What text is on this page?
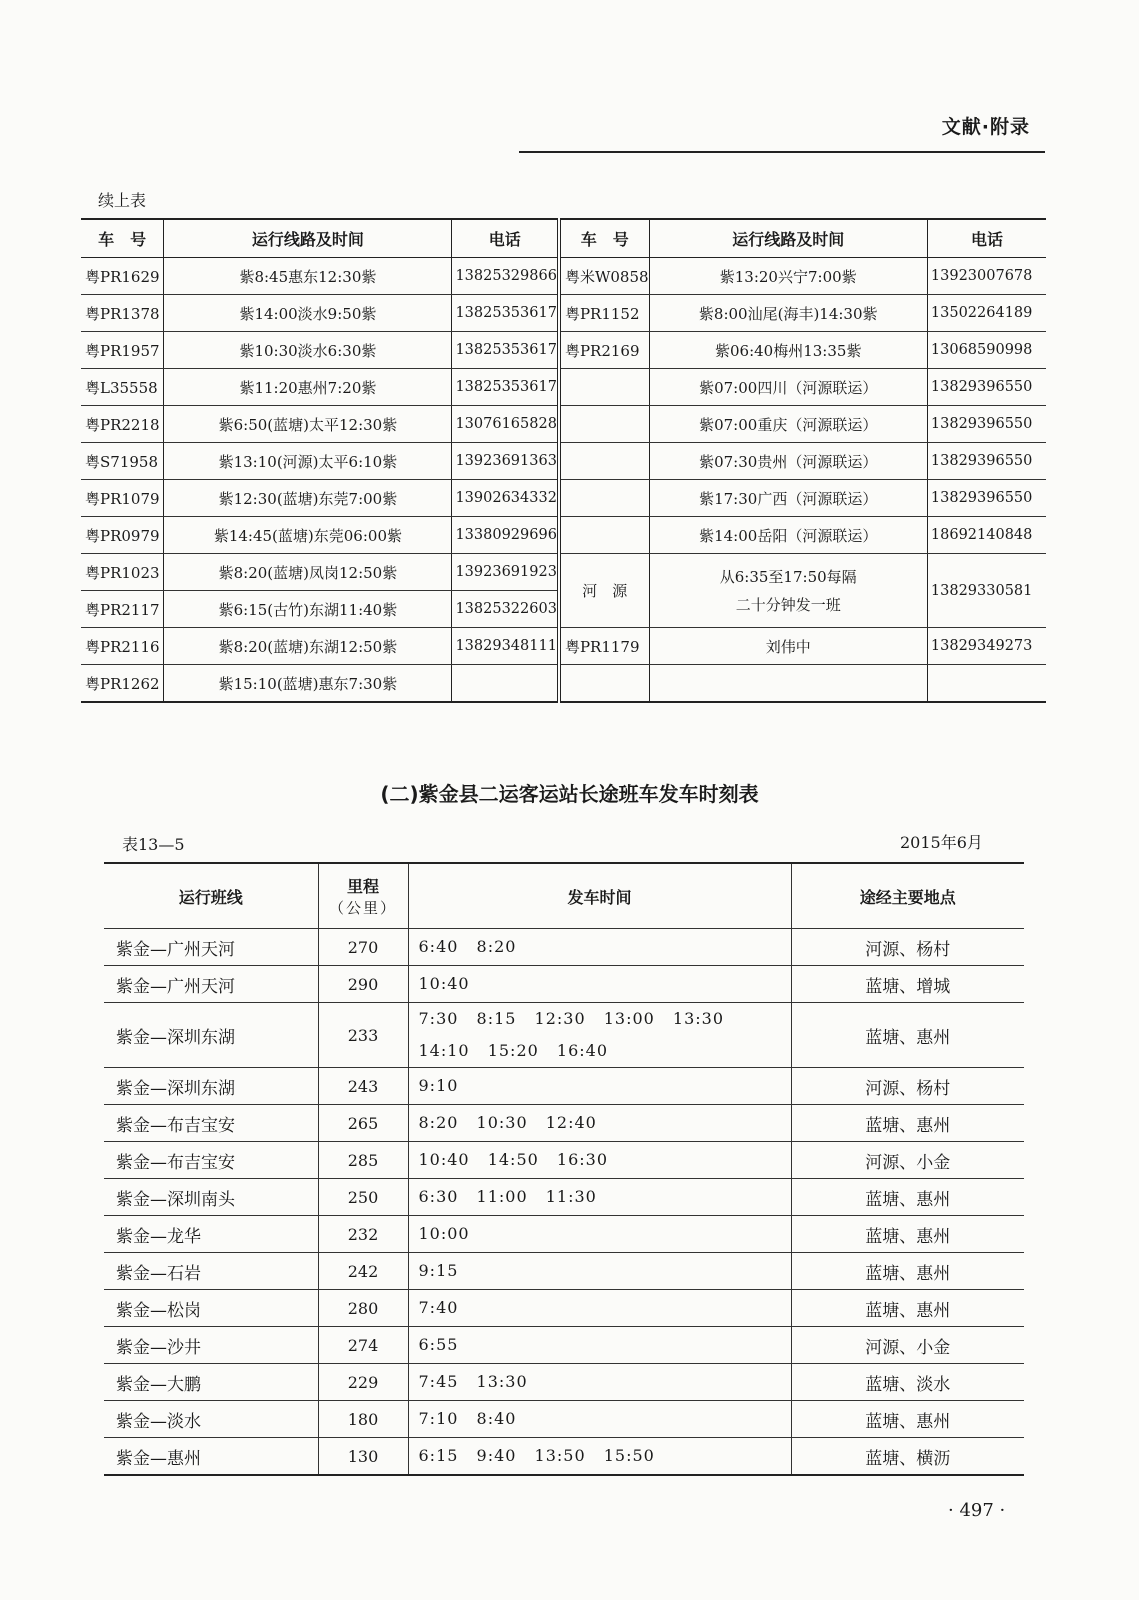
文献·附录
续上表
车　号	运行线路及时间	电话	车　号	运行线路及时间	电话
粤PR1629	紫8:45惠东12:30紫	13825329866	粤米W0858	紫13:20兴宁7:00紫	13923007678
粤PR1378	紫14:00淡水9:50紫	13825353617	粤PR1152	紫8:00汕尾(海丰)14:30紫	13502264189
粤PR1957	紫10:30淡水6:30紫	13825353617	粤PR2169	紫06:40梅州13:35紫	13068590998
粤L35558	紫11:20惠州7:20紫	13825353617		紫07:00四川（河源联运）	13829396550
粤PR2218	紫6:50(蓝塘)太平12:30紫	13076165828		紫07:00重庆（河源联运）	13829396550
粤S71958	紫13:10(河源)太平6:10紫	13923691363		紫07:30贵州（河源联运）	13829396550
粤PR1079	紫12:30(蓝塘)东莞7:00紫	13902634332		紫17:30广西（河源联运）	13829396550
粤PR0979	紫14:45(蓝塘)东莞06:00紫	13380929696		紫14:00岳阳（河源联运）	18692140848
粤PR1023	紫8:20(蓝塘)凤岗12:50紫	13923691923	河　源	从6:35至17:50每隔
二十分钟发一班	13829330581
粤PR2117	紫6:15(古竹)东湖11:40紫	13825322603			
粤PR2116	紫8:20(蓝塘)东湖12:50紫	13829348111	粤PR1179	刘伟中	13829349273
粤PR1262	紫15:10(蓝塘)惠东7:30紫				
(二)紫金县二运客运站长途班车发车时刻表
表13—5	2015年6月
运行班线	里程
（公里）	发车时间	途经主要地点
紫金—广州天河	270	6:40 8:20	河源、杨村
紫金—广州天河	290	10:40	蓝塘、增城
紫金—深圳东湖	233	7:30 8:15 12:30 13:00 13:30
14:10 15:20 16:40	蓝塘、惠州
紫金—深圳东湖	243	9:10	河源、杨村
紫金—布吉宝安	265	8:20 10:30 12:40	蓝塘、惠州
紫金—布吉宝安	285	10:40 14:50 16:30	河源、小金
紫金—深圳南头	250	6:30 11:00 11:30	蓝塘、惠州
紫金—龙华	232	10:00	蓝塘、惠州
紫金—石岩	242	9:15	蓝塘、惠州
紫金—松岗	280	7:40	蓝塘、惠州
紫金—沙井	274	6:55	河源、小金
紫金—大鹏	229	7:45 13:30	蓝塘、淡水
紫金—淡水	180	7:10 8:40	蓝塘、惠州
紫金—惠州	130	6:15 9:40 13:50 15:50	蓝塘、横沥
· 497 ·
